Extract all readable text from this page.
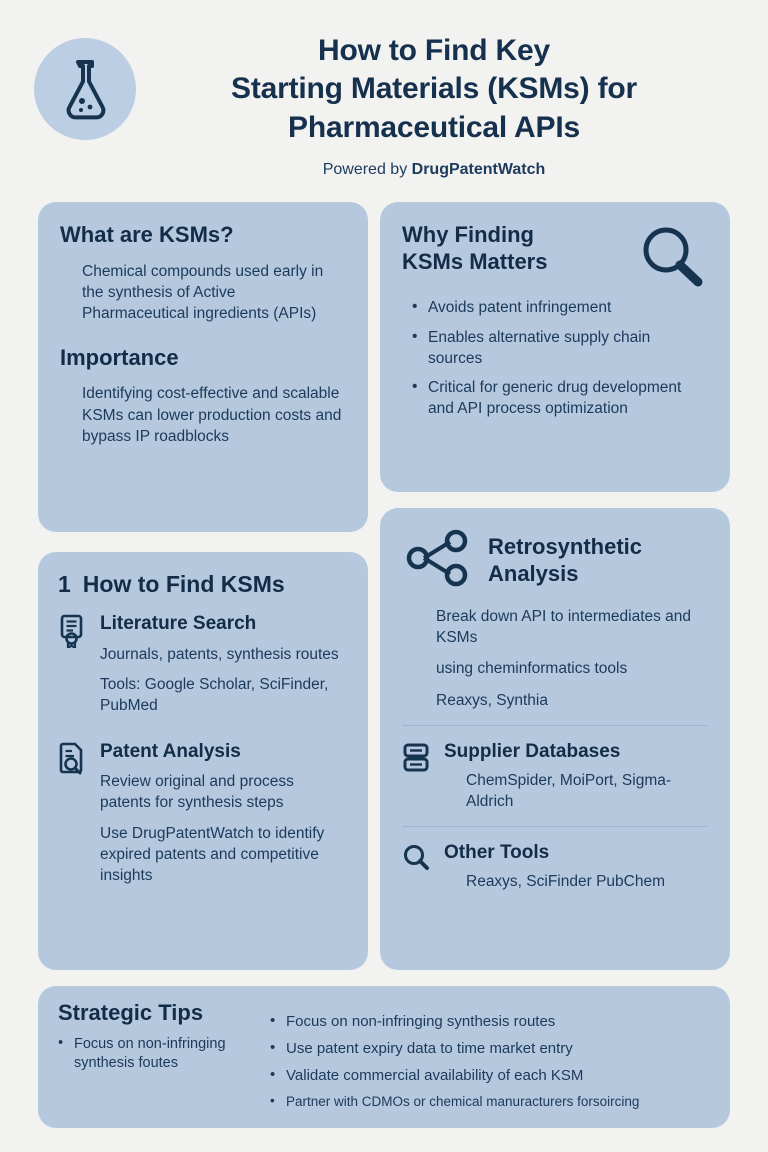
How to Find Key
Starting Materials (KSMs) for
Pharmaceutical APIs
Powered by DrugPatentWatch
What are KSMs?

Chemical compounds used early in the synthesis of Active Pharmaceutical ingredients (APIs)

Importance

Identifying cost-effective and scalable KSMs can lower production costs and bypass IP roadblocks

Why Finding
KSMs Matters
• Avoids patent infringement
• Enables alternative supply chain sources
• Critical for generic drug development and API process optimization
Retrosynthetic
Analysis

Break down API to intermediates and KSMs

using cheminformatics tools

Reaxys, Synthia

Supplier Databases

ChemSpider, MoiPort, Sigma-Aldrich

Other Tools

Reaxys, SciFinder PubChem

1 How to Find KSMs
Literature Search

Journals, patents, synthesis routes

Tools: Google Scholar, SciFinder, PubMed

Patent Analysis

Review original and process patents for synthesis steps

Use DrugPatentWatch to identify expired patents and competitive insights

Strategic Tips
• Focus on non-infringing synthesis foutes
• Focus on non-infringing synthesis routes
• Use patent expiry data to time market entry
• Validate commercial availability of each KSM
• Partner with CDMOs or chemical manuracturers forsoircing
